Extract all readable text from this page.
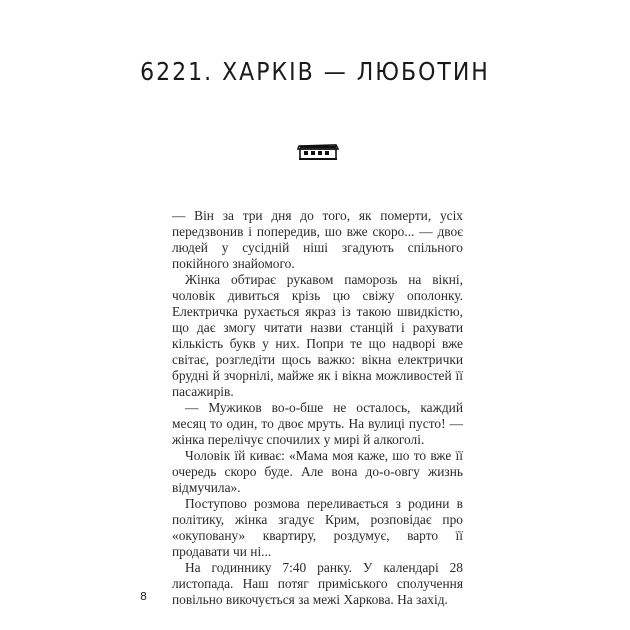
6221. ХАРКІВ — ЛЮБОТИН

— Він за три дня до того, як померти, усіх передзвонив і попередив, шо вже скоро... — двоє людей у сусідній ніші згадують спільного покійного знайомого.

Жінка обтирає рукавом паморозь на вікні, чоловік дивиться крізь цю свіжу ополонку. Електричка рухається якраз із такою швидкістю, що дає змогу читати назви станцій і рахувати кількість букв у них. Попри те що надворі вже світає, розгледіти щось важко: вікна електрички брудні й зчорнілі, майже як і вікна можливостей її пасажирів.

— Мужиков во-о-бше не осталось, каждий месяц то один, то двоє мруть. На вулиці пусто! — жінка перелічує спочилих у мирі й алкоголі.

Чоловік їй киває: «Мама моя каже, шо то вже її очередь скоро буде. Але вона до-о-овгу жизнь відмучила».

Поступово розмова переливається з родини в політику, жінка згадує Крим, розповідає про «окуповану» квартиру, роздумує, варто її продавати чи ні...

На годиннику 7:40 ранку. У календарі 28 листопада. Наш потяг приміського сполучення повільно викочується за межі Харкова. На захід.

8
